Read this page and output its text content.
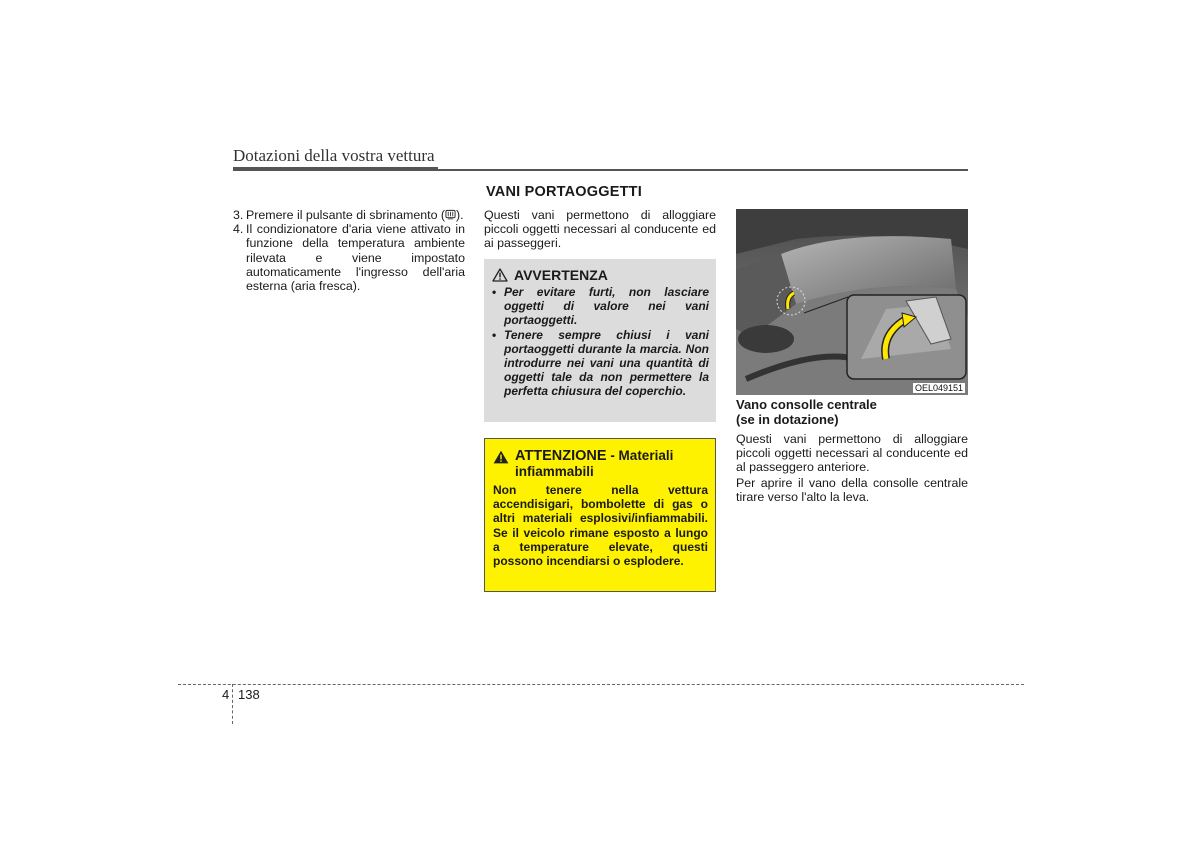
Dotazioni della vostra vettura
3. Premere il pulsante di sbrinamento ( ).
4. Il condizionatore d'aria viene attivato in funzione della temperatura ambiente rilevata e viene impostato automaticamente l'ingresso dell'aria esterna (aria fresca).
VANI PORTAOGGETTI
Questi vani permettono di alloggiare piccoli oggetti necessari al conducente ed ai passeggeri.
AVVERTENZA
• Per evitare furti, non lasciare oggetti di valore nei vani portaoggetti.
• Tenere sempre chiusi i vani portaoggetti durante la marcia. Non introdurre nei vani una quantità di oggetti tale da non permettere la perfetta chiusura del coperchio.
ATTENZIONE - Materiali infiammabili
Non tenere nella vettura accendisigari, bombolette di gas o altri materiali esplosivi/infiammabili. Se il veicolo rimane esposto a lungo a temperature elevate, questi possono incendiarsi o esplodere.
OEL049151
Vano consolle centrale
(se in dotazione)

Questi vani permettono di alloggiare piccoli oggetti necessari al conducente ed al passeggero anteriore.

Per aprire il vano della consolle centrale tirare verso l'alto la leva.

4 138
